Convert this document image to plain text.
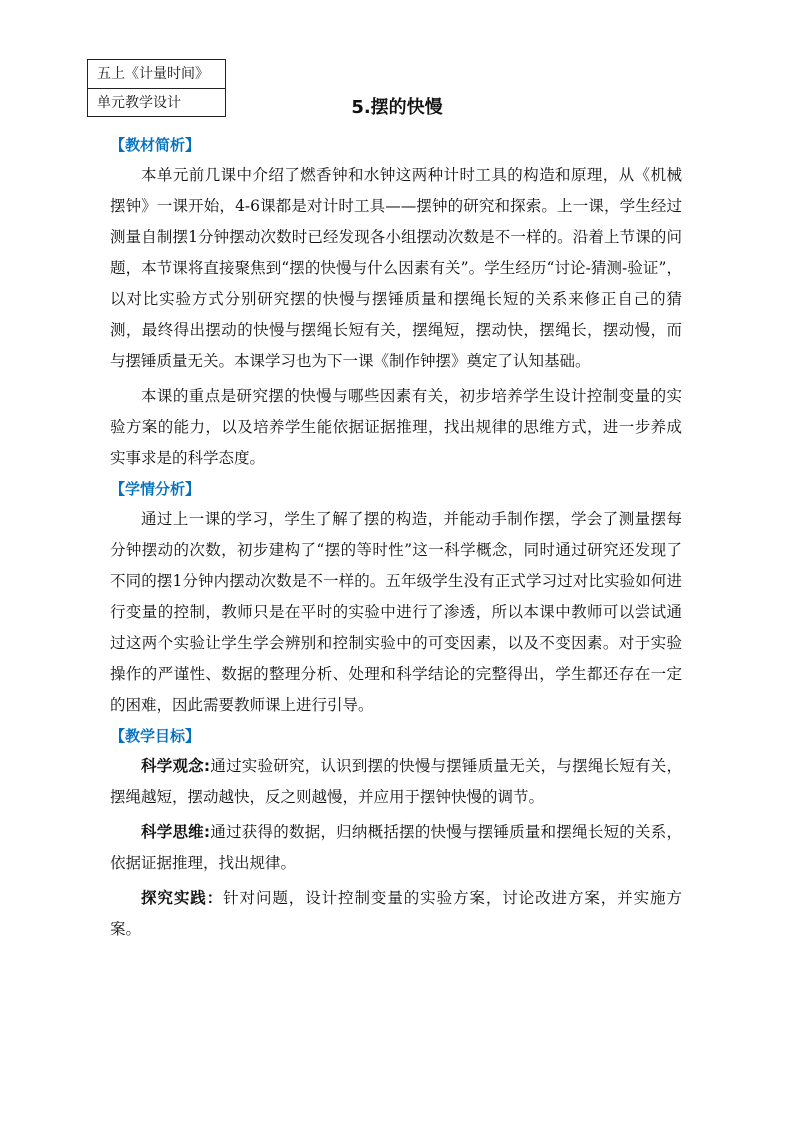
五上《计量时间》
单元教学设计	5.摆的快慢
【教材简析】

本单元前几课中介绍了燃香钟和水钟这两种计时工具的构造和原理，从《机械摆钟》一课开始，4-6课都是对计时工具——摆钟的研究和探索。上一课，学生经过测量自制摆1分钟摆动次数时已经发现各小组摆动次数是不一样的。沿着上节课的问题，本节课将直接聚焦到“摆的快慢与什么因素有关”。学生经历“讨论-猜测-验证”，以对比实验方式分别研究摆的快慢与摆锤质量和摆绳长短的关系来修正自己的猜测，最终得出摆动的快慢与摆绳长短有关，摆绳短，摆动快，摆绳长，摆动慢，而与摆锤质量无关。本课学习也为下一课《制作钟摆》奠定了认知基础。

本课的重点是研究摆的快慢与哪些因素有关，初步培养学生设计控制变量的实验方案的能力，以及培养学生能依据证据推理，找出规律的思维方式，进一步养成实事求是的科学态度。

【学情分析】

通过上一课的学习，学生了解了摆的构造，并能动手制作摆，学会了测量摆每分钟摆动的次数，初步建构了“摆的等时性”这一科学概念，同时通过研究还发现了不同的摆1分钟内摆动次数是不一样的。五年级学生没有正式学习过对比实验如何进行变量的控制，教师只是在平时的实验中进行了渗透，所以本课中教师可以尝试通过这两个实验让学生学会辨别和控制实验中的可变因素，以及不变因素。对于实验操作的严谨性、数据的整理分析、处理和科学结论的完整得出，学生都还存在一定的困难，因此需要教师课上进行引导。

【教学目标】

科学观念:通过实验研究，认识到摆的快慢与摆锤质量无关，与摆绳长短有关，摆绳越短，摆动越快，反之则越慢，并应用于摆钟快慢的调节。

科学思维:通过获得的数据，归纳概括摆的快慢与摆锤质量和摆绳长短的关系，依据证据推理，找出规律。

探究实践：针对问题，设计控制变量的实验方案，讨论改进方案，并实施方案。
